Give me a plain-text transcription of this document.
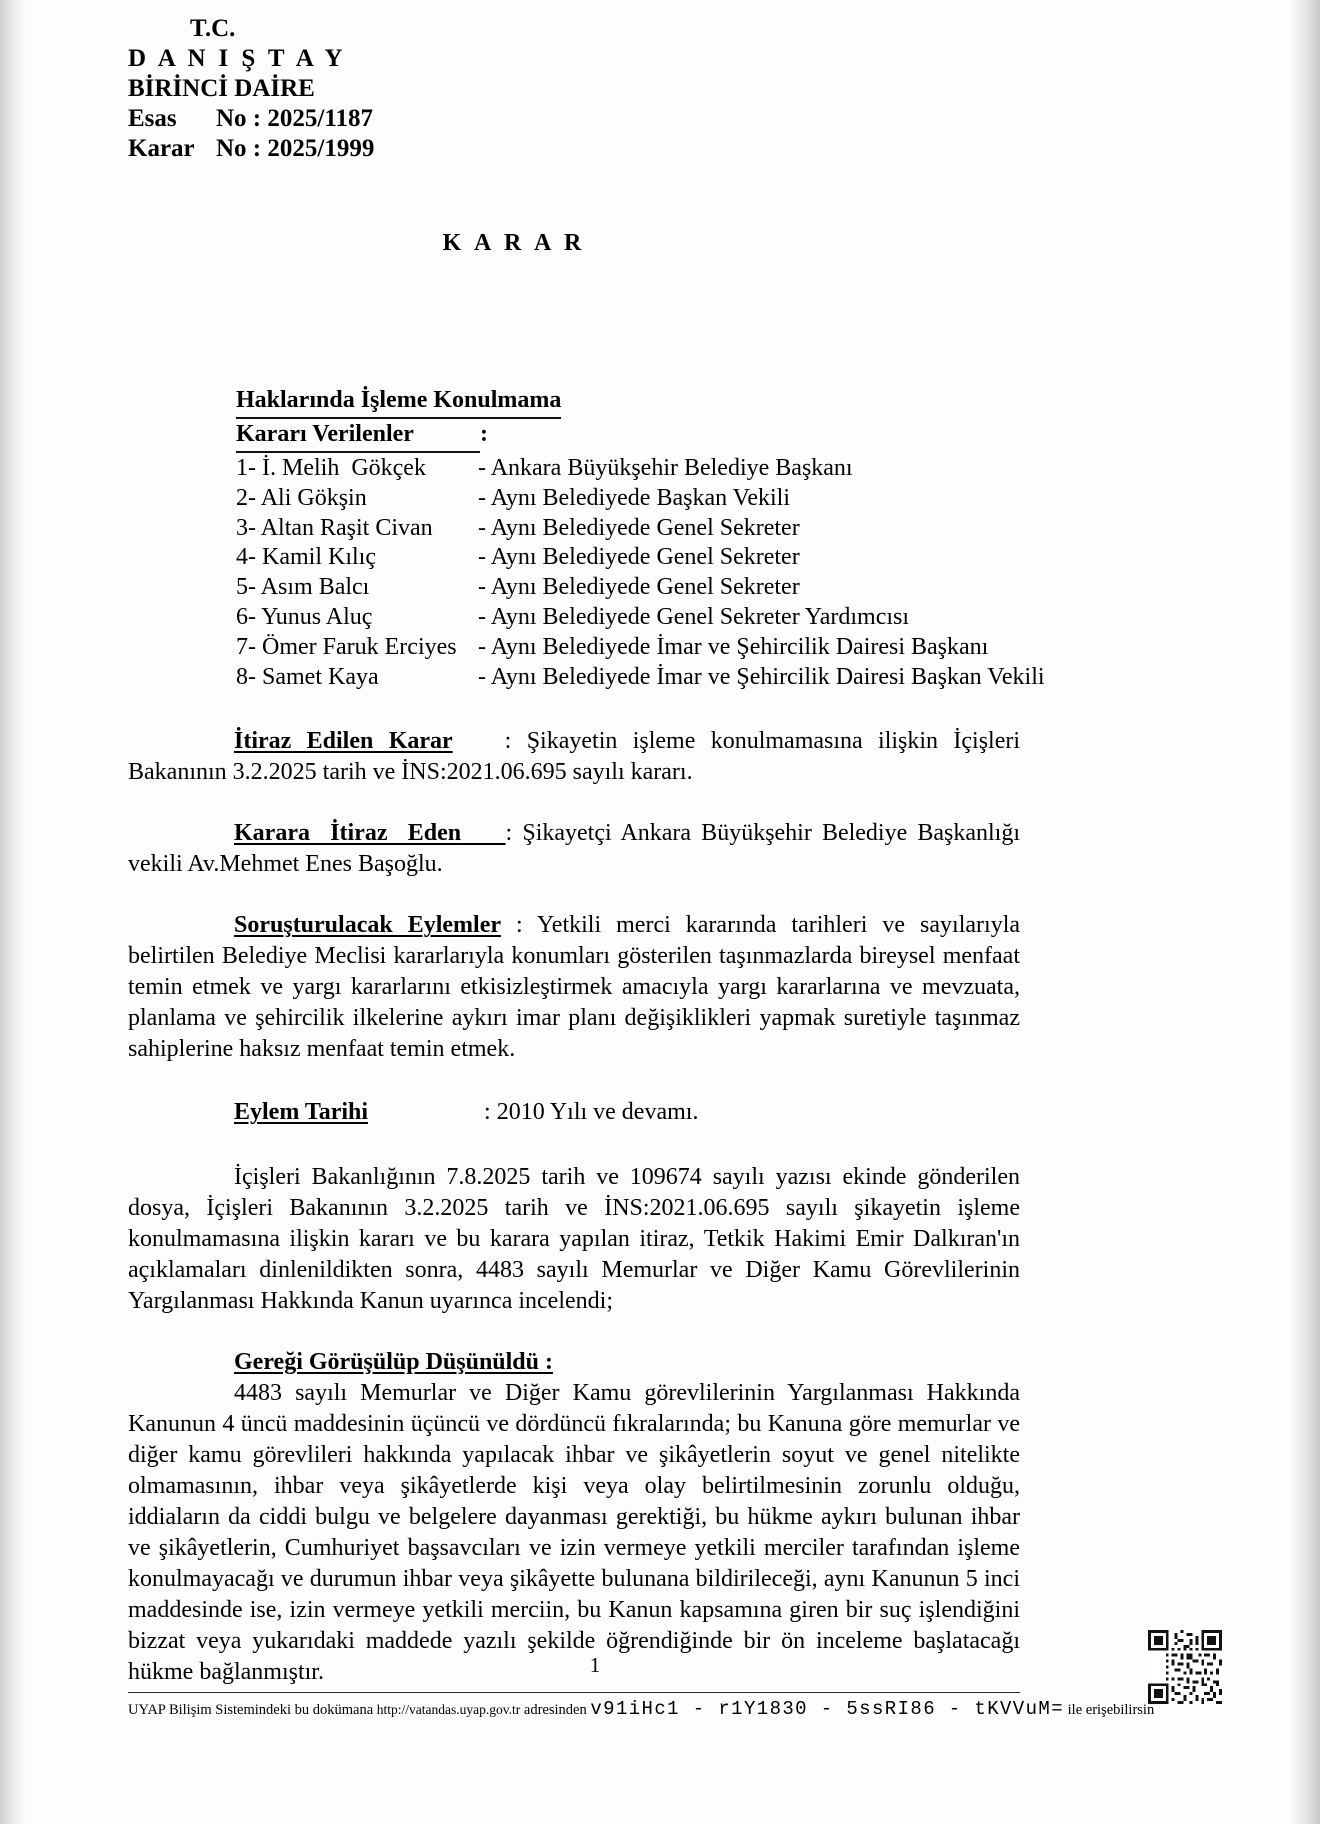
T.C.
D A N I Ş T A Y
BİRİNCİ DAİRE
Esas No : 2025/1187
Karar No : 2025/1999
K A R A R
Haklarında İşleme Konulmama
Kararı Verilenler	:
1- İ. Melih  Gökçek	- Ankara Büyükşehir Belediye Başkanı
2- Ali Gökşin	- Aynı Belediyede Başkan Vekili
3- Altan Raşit Civan	- Aynı Belediyede Genel Sekreter
4- Kamil Kılıç	- Aynı Belediyede Genel Sekreter
5- Asım Balcı	- Aynı Belediyede Genel Sekreter
6- Yunus Aluç	- Aynı Belediyede Genel Sekreter Yardımcısı
7- Ömer Faruk Erciyes - Aynı Belediyede İmar ve Şehircilik Dairesi Başkanı
8- Samet Kaya	- Aynı Belediyede İmar ve Şehircilik Dairesi Başkan Vekili
İtiraz Edilen Karar : Şikayetin işleme konulmamasına ilişkin İçişleri Bakanının 3.2.2025 tarih ve İNS:2021.06.695 sayılı kararı.
Karara  İtiraz  Eden : Şikayetçi Ankara Büyükşehir Belediye Başkanlığı vekili Av.Mehmet Enes Başoğlu.
Soruşturulacak Eylemler : Yetkili merci kararında tarihleri ve sayılarıyla belirtilen Belediye Meclisi kararlarıyla konumları gösterilen taşınmazlarda bireysel menfaat temin etmek ve yargı kararlarını etkisizleştirmek amacıyla yargı kararlarına ve mevzuata, planlama ve şehircilik ilkelerine aykırı imar planı değişiklikleri yapmak suretiyle taşınmaz sahiplerine haksız menfaat temin etmek.
Eylem Tarihi	: 2010 Yılı ve devamı.
İçişleri Bakanlığının 7.8.2025 tarih ve 109674 sayılı yazısı ekinde gönderilen dosya, İçişleri Bakanının 3.2.2025 tarih ve İNS:2021.06.695 sayılı şikayetin işleme konulmamasına ilişkin kararı ve bu karara yapılan itiraz, Tetkik Hakimi Emir Dalkıran'ın açıklamaları dinlenildikten sonra, 4483 sayılı Memurlar ve Diğer Kamu Görevlilerinin Yargılanması Hakkında Kanun uyarınca incelendi;
Gereği Görüşülüp Düşünüldü :
4483 sayılı Memurlar ve Diğer Kamu görevlilerinin Yargılanması Hakkında Kanunun 4 üncü maddesinin üçüncü ve dördüncü fıkralarında; bu Kanuna göre memurlar ve diğer kamu görevlileri hakkında yapılacak ihbar ve şikâyetlerin soyut ve genel nitelikte olmamasının, ihbar veya şikâyetlerde kişi veya olay belirtilmesinin zorunlu olduğu, iddiaların da ciddi bulgu ve belgelere dayanması gerektiği, bu hükme aykırı bulunan ihbar ve şikâyetlerin, Cumhuriyet başsavcıları ve izin vermeye yetkili merciler tarafından işleme konulmayacağı ve durumun ihbar veya şikâyette bulunana bildirileceği, aynı Kanunun 5 inci maddesinde ise, izin vermeye yetkili merciin, bu Kanun kapsamına giren bir suç işlendiğini bizzat veya yukarıdaki maddede yazılı şekilde öğrendiğinde bir ön inceleme başlatacağı hükme bağlanmıştır.	1
UYAP Bilişim Sistemindeki bu dokümana http://vatandas.uyap.gov.tr adresinden v91iHc1 - r1Y1830 - 5ssRI86 - tKVVuM= ile erişebilirsin
